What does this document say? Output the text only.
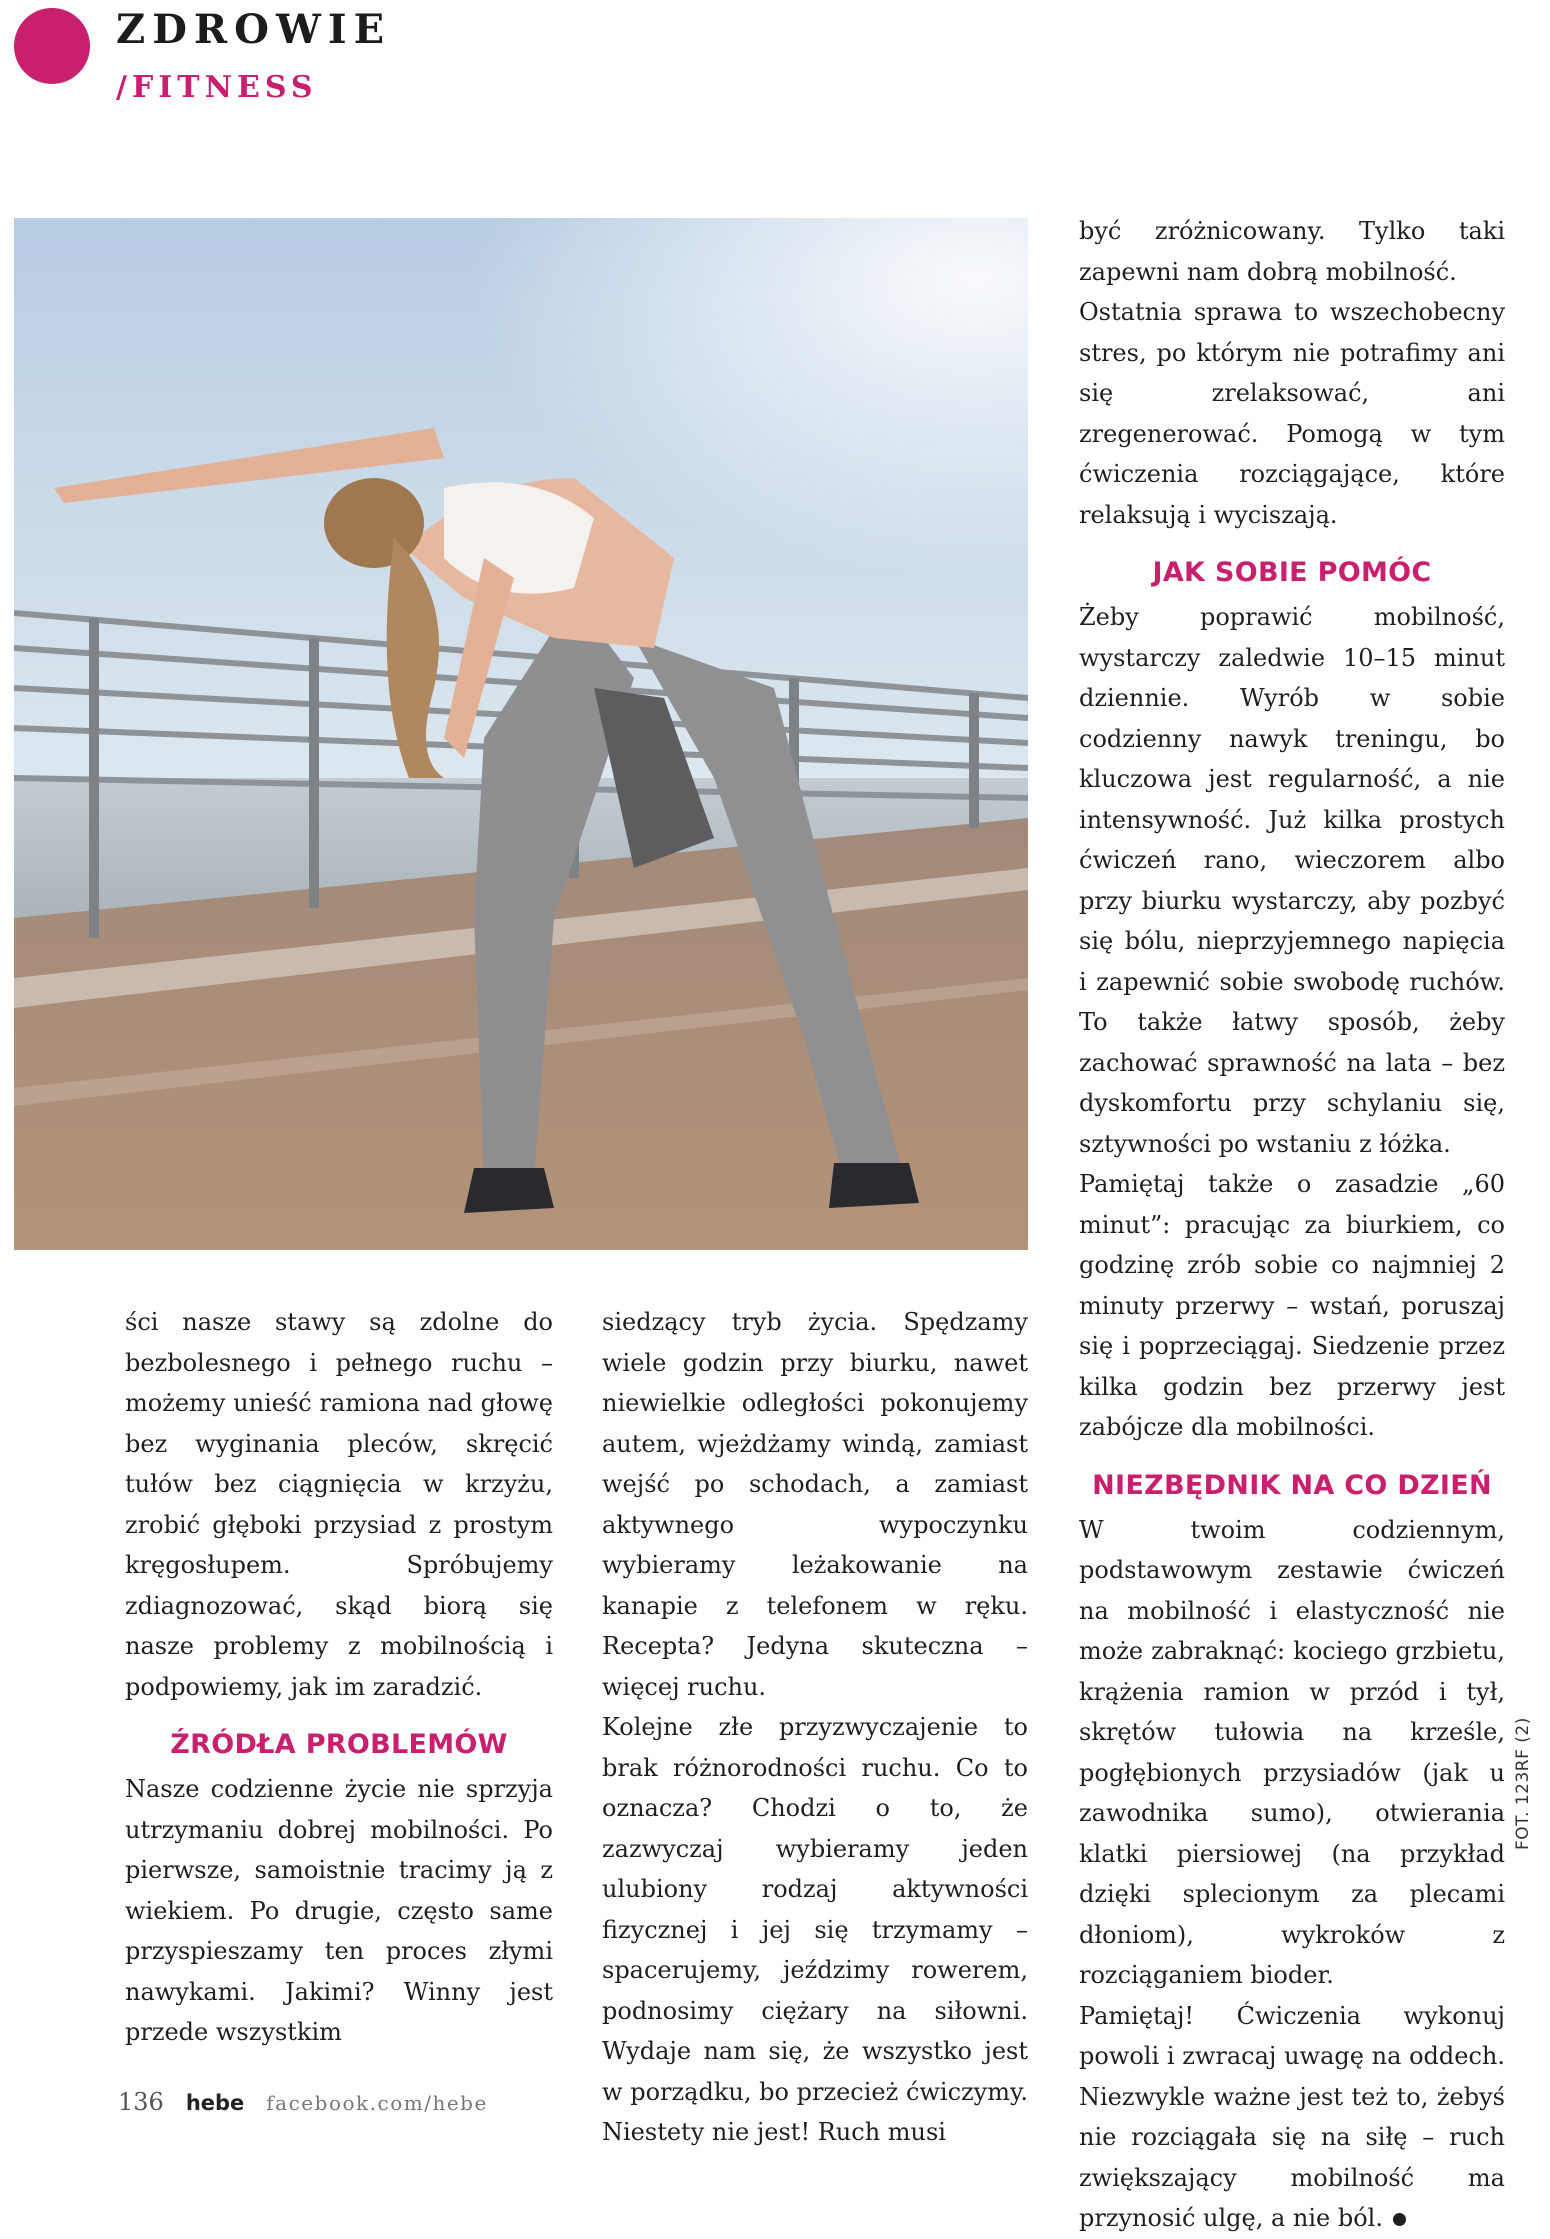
ZDROWIE
/FITNESS

ści nasze stawy są zdolne do bezbolesnego i pełnego ruchu – możemy unieść ramiona nad głowę bez wyginania pleców, skręcić tułów bez ciągnięcia w krzyżu, zrobić głęboki przysiad z prostym kręgosłupem. Spróbujemy zdiagnozować, skąd biorą się nasze problemy z mobilnością i podpowiemy, jak im zaradzić.

ŹRÓDŁA PROBLEMÓW

Nasze codzienne życie nie sprzyja utrzymaniu dobrej mobilności. Po pierwsze, samoistnie tracimy ją z wiekiem. Po drugie, często same przyspieszamy ten proces złymi nawykami. Jakimi? Winny jest przede wszystkim

siedzący tryb życia. Spędzamy wiele godzin przy biurku, nawet niewielkie odległości pokonujemy autem, wjeżdżamy windą, zamiast wejść po schodach, a zamiast aktywnego wypoczynku wybieramy leżakowanie na kanapie z telefonem w ręku. Recepta? Jedyna skuteczna – więcej ruchu.

Kolejne złe przyzwyczajenie to brak różnorodności ruchu. Co to oznacza? Chodzi o to, że zazwyczaj wybieramy jeden ulubiony rodzaj aktywności fizycznej i jej się trzymamy – spacerujemy, jeździmy rowerem, podnosimy ciężary na siłowni. Wydaje nam się, że wszystko jest w porządku, bo przecież ćwiczymy. Niestety nie jest! Ruch musi

być zróżnicowany. Tylko taki zapewni nam dobrą mobilność.

Ostatnia sprawa to wszechobecny stres, po którym nie potrafimy ani się zrelaksować, ani zregenerować. Pomogą w tym ćwiczenia rozciągające, które relaksują i wyciszają.

JAK SOBIE POMÓC

Żeby poprawić mobilność, wystarczy zaledwie 10–15 minut dziennie. Wyrób w sobie codzienny nawyk treningu, bo kluczowa jest regularność, a nie intensywność. Już kilka prostych ćwiczeń rano, wieczorem albo przy biurku wystarczy, aby pozbyć się bólu, nieprzyjemnego napięcia i zapewnić sobie swobodę ruchów. To także łatwy sposób, żeby zachować sprawność na lata – bez dyskomfortu przy schylaniu się, sztywności po wstaniu z łóżka.

Pamiętaj także o zasadzie „60 minut”: pracując za biurkiem, co godzinę zrób sobie co najmniej 2 minuty przerwy – wstań, poruszaj się i poprzeciągaj. Siedzenie przez kilka godzin bez przerwy jest zabójcze dla mobilności.

NIEZBĘDNIK NA CO DZIEŃ

W twoim codziennym, podstawowym zestawie ćwiczeń na mobilność i elastyczność nie może zabraknąć: kociego grzbietu, krążenia ramion w przód i tył, skrętów tułowia na krześle, pogłębionych przysiadów (jak u zawodnika sumo), otwierania klatki piersiowej (na przykład dzięki splecionym za plecami dłoniom), wykroków z rozciąganiem bioder.

Pamiętaj! Ćwiczenia wykonuj powoli i zwracaj uwagę na oddech. Niezwykle ważne jest też to, żebyś nie rozciągała się na siłę – ruch zwiększający mobilność ma przynosić ulgę, a nie ból.

FOT. 123RF (2)
136 hebe facebook.com/hebe
